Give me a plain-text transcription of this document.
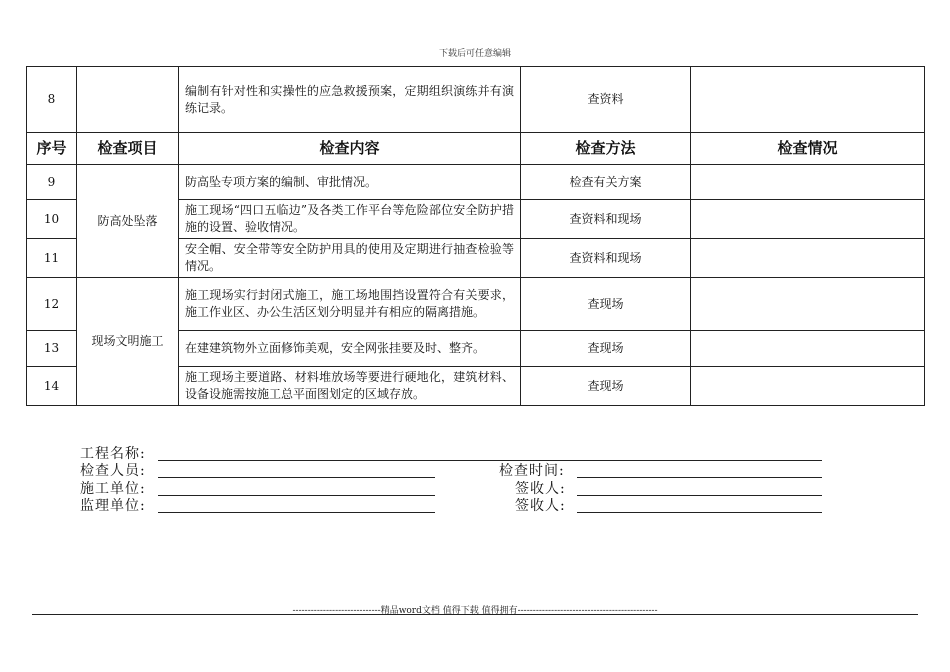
下载后可任意编辑
8		编制有针对性和实操性的应急救援预案，定期组织演练并有演练记录。	查资料	
序号	检查项目	检查内容	检查方法	检查情况
9	防高处坠落	防高坠专项方案的编制、审批情况。	检查有关方案	
10		施工现场“四口五临边”及各类工作平台等危险部位安全防护措施的设置、验收情况。	查资料和现场	
11		安全帽、安全带等安全防护用具的使用及定期进行抽查检验等情况。	查资料和现场	
12	现场文明施工	施工现场实行封闭式施工，施工场地围挡设置符合有关要求，施工作业区、办公生活区划分明显并有相应的隔离措施。	查现场	
13		在建建筑物外立面修饰美观，安全网张挂要及时、整齐。	查现场	
14		施工现场主要道路、材料堆放场等要进行硬地化，建筑材料、设备设施需按施工总平面图划定的区域存放。	查现场	
工程名称:
检查人员:	检查时间:
施工单位:	签收人:
监理单位:	签收人:
-----------------------------精品word文档 值得下载 值得拥有----------------------------------------------
